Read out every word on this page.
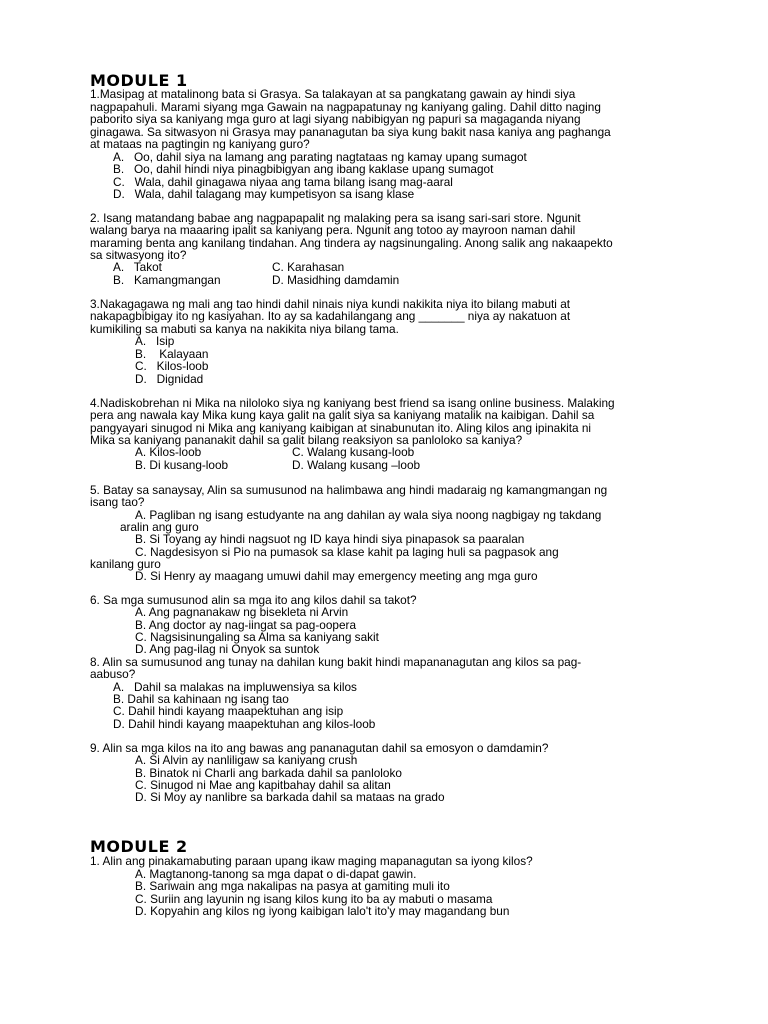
MODULE 1
1.Masipag at matalinong bata si Grasya. Sa talakayan at sa pangkatang gawain ay hindi siya
nagpapahuli. Marami siyang mga Gawain na nagpapatunay ng kaniyang galing. Dahil ditto naging
paborito siya sa kaniyang mga guro at lagi siyang nabibigyan ng papuri sa magaganda niyang
ginagawa. Sa sitwasyon ni Grasya may pananagutan ba siya kung bakit nasa kaniya ang paghanga
at mataas na pagtingin ng kaniyang guro?
A.   Oo, dahil siya na lamang ang parating nagtataas ng kamay upang sumagot
B.   Oo, dahil hindi niya pinagbibigyan ang ibang kaklase upang sumagot
C.   Wala, dahil ginagawa niyaa ang tama bilang isang mag-aaral
D.   Wala, dahil talagang may kumpetisyon sa isang klase
2. Isang matandang babae ang nagpapapalit ng malaking pera sa isang sari-sari store. Ngunit
walang barya na maaaring ipalit sa kaniyang pera. Ngunit ang totoo ay mayroon naman dahil
maraming benta ang kanilang tindahan. Ang tindera ay nagsinungaling. Anong salik ang nakaapekto
sa sitwasyong ito?
A.   Takot	C. Karahasan
B.   Kamangmangan	D. Masidhing damdamin
3.Nakagagawa ng mali ang tao hindi dahil ninais niya kundi nakikita niya ito bilang mabuti at
nakapagbibigay ito ng kasiyahan. Ito ay sa kadahilangang ang _______ niya ay nakatuon at
kumikiling sa mabuti sa kanya na nakikita niya bilang tama.
A.   Isip
B.    Kalayaan
C.   Kilos-loob
D.   Dignidad
4.Nadiskobrehan ni Mika na niloloko siya ng kaniyang best friend sa isang online business. Malaking
pera ang nawala kay Mika kung kaya galit na galit siya sa kaniyang matalik na kaibigan. Dahil sa
pangyayari sinugod ni Mika ang kaniyang kaibigan at sinabunutan ito. Aling kilos ang ipinakita ni
Mika sa kaniyang pananakit dahil sa galit bilang reaksiyon sa panloloko sa kaniya?
A. Kilos-loob	C. Walang kusang-loob
B. Di kusang-loob	D. Walang kusang –loob
5. Batay sa sanaysay, Alin sa sumusunod na halimbawa ang hindi madaraig ng kamangmangan ng
isang tao?
A. Pagliban ng isang estudyante na ang dahilan ay wala siya noong nagbigay ng takdang
aralin ang guro
B. Si Toyang ay hindi nagsuot ng ID kaya hindi siya pinapasok sa paaralan
C. Nagdesisyon si Pio na pumasok sa klase kahit pa laging huli sa pagpasok ang
kanilang guro
D. Si Henry ay maagang umuwi dahil may emergency meeting ang mga guro
6. Sa mga sumusunod alin sa mga ito ang kilos dahil sa takot?
A. Ang pagnanakaw ng bisekleta ni Arvin
B. Ang doctor ay nag-iingat sa pag-oopera
C. Nagsisinungaling sa Alma sa kaniyang sakit
D. Ang pag-ilag ni Onyok sa suntok
8. Alin sa sumusunod ang tunay na dahilan kung bakit hindi mapananagutan ang kilos sa pag-
aabuso?
A.   Dahil sa malakas na impluwensiya sa kilos
B. Dahil sa kahinaan ng isang tao
C. Dahil hindi kayang maapektuhan ang isip
D. Dahil hindi kayang maapektuhan ang kilos-loob
9. Alin sa mga kilos na ito ang bawas ang pananagutan dahil sa emosyon o damdamin?
A. Si Alvin ay nanliligaw sa kaniyang crush
B. Binatok ni Charli ang barkada dahil sa panloloko
C. Sinugod ni Mae ang kapitbahay dahil sa alitan
D. Si Moy ay nanlibre sa barkada dahil sa mataas na grado
MODULE 2
1. Alin ang pinakamabuting paraan upang ikaw maging mapanagutan sa iyong kilos?
A. Magtanong-tanong sa mga dapat o di-dapat gawin.
B. Sariwain ang mga nakalipas na pasya at gamiting muli ito
C. Suriin ang layunin ng isang kilos kung ito ba ay mabuti o masama
D. Kopyahin ang kilos ng iyong kaibigan lalo't ito'y may magandang bun
